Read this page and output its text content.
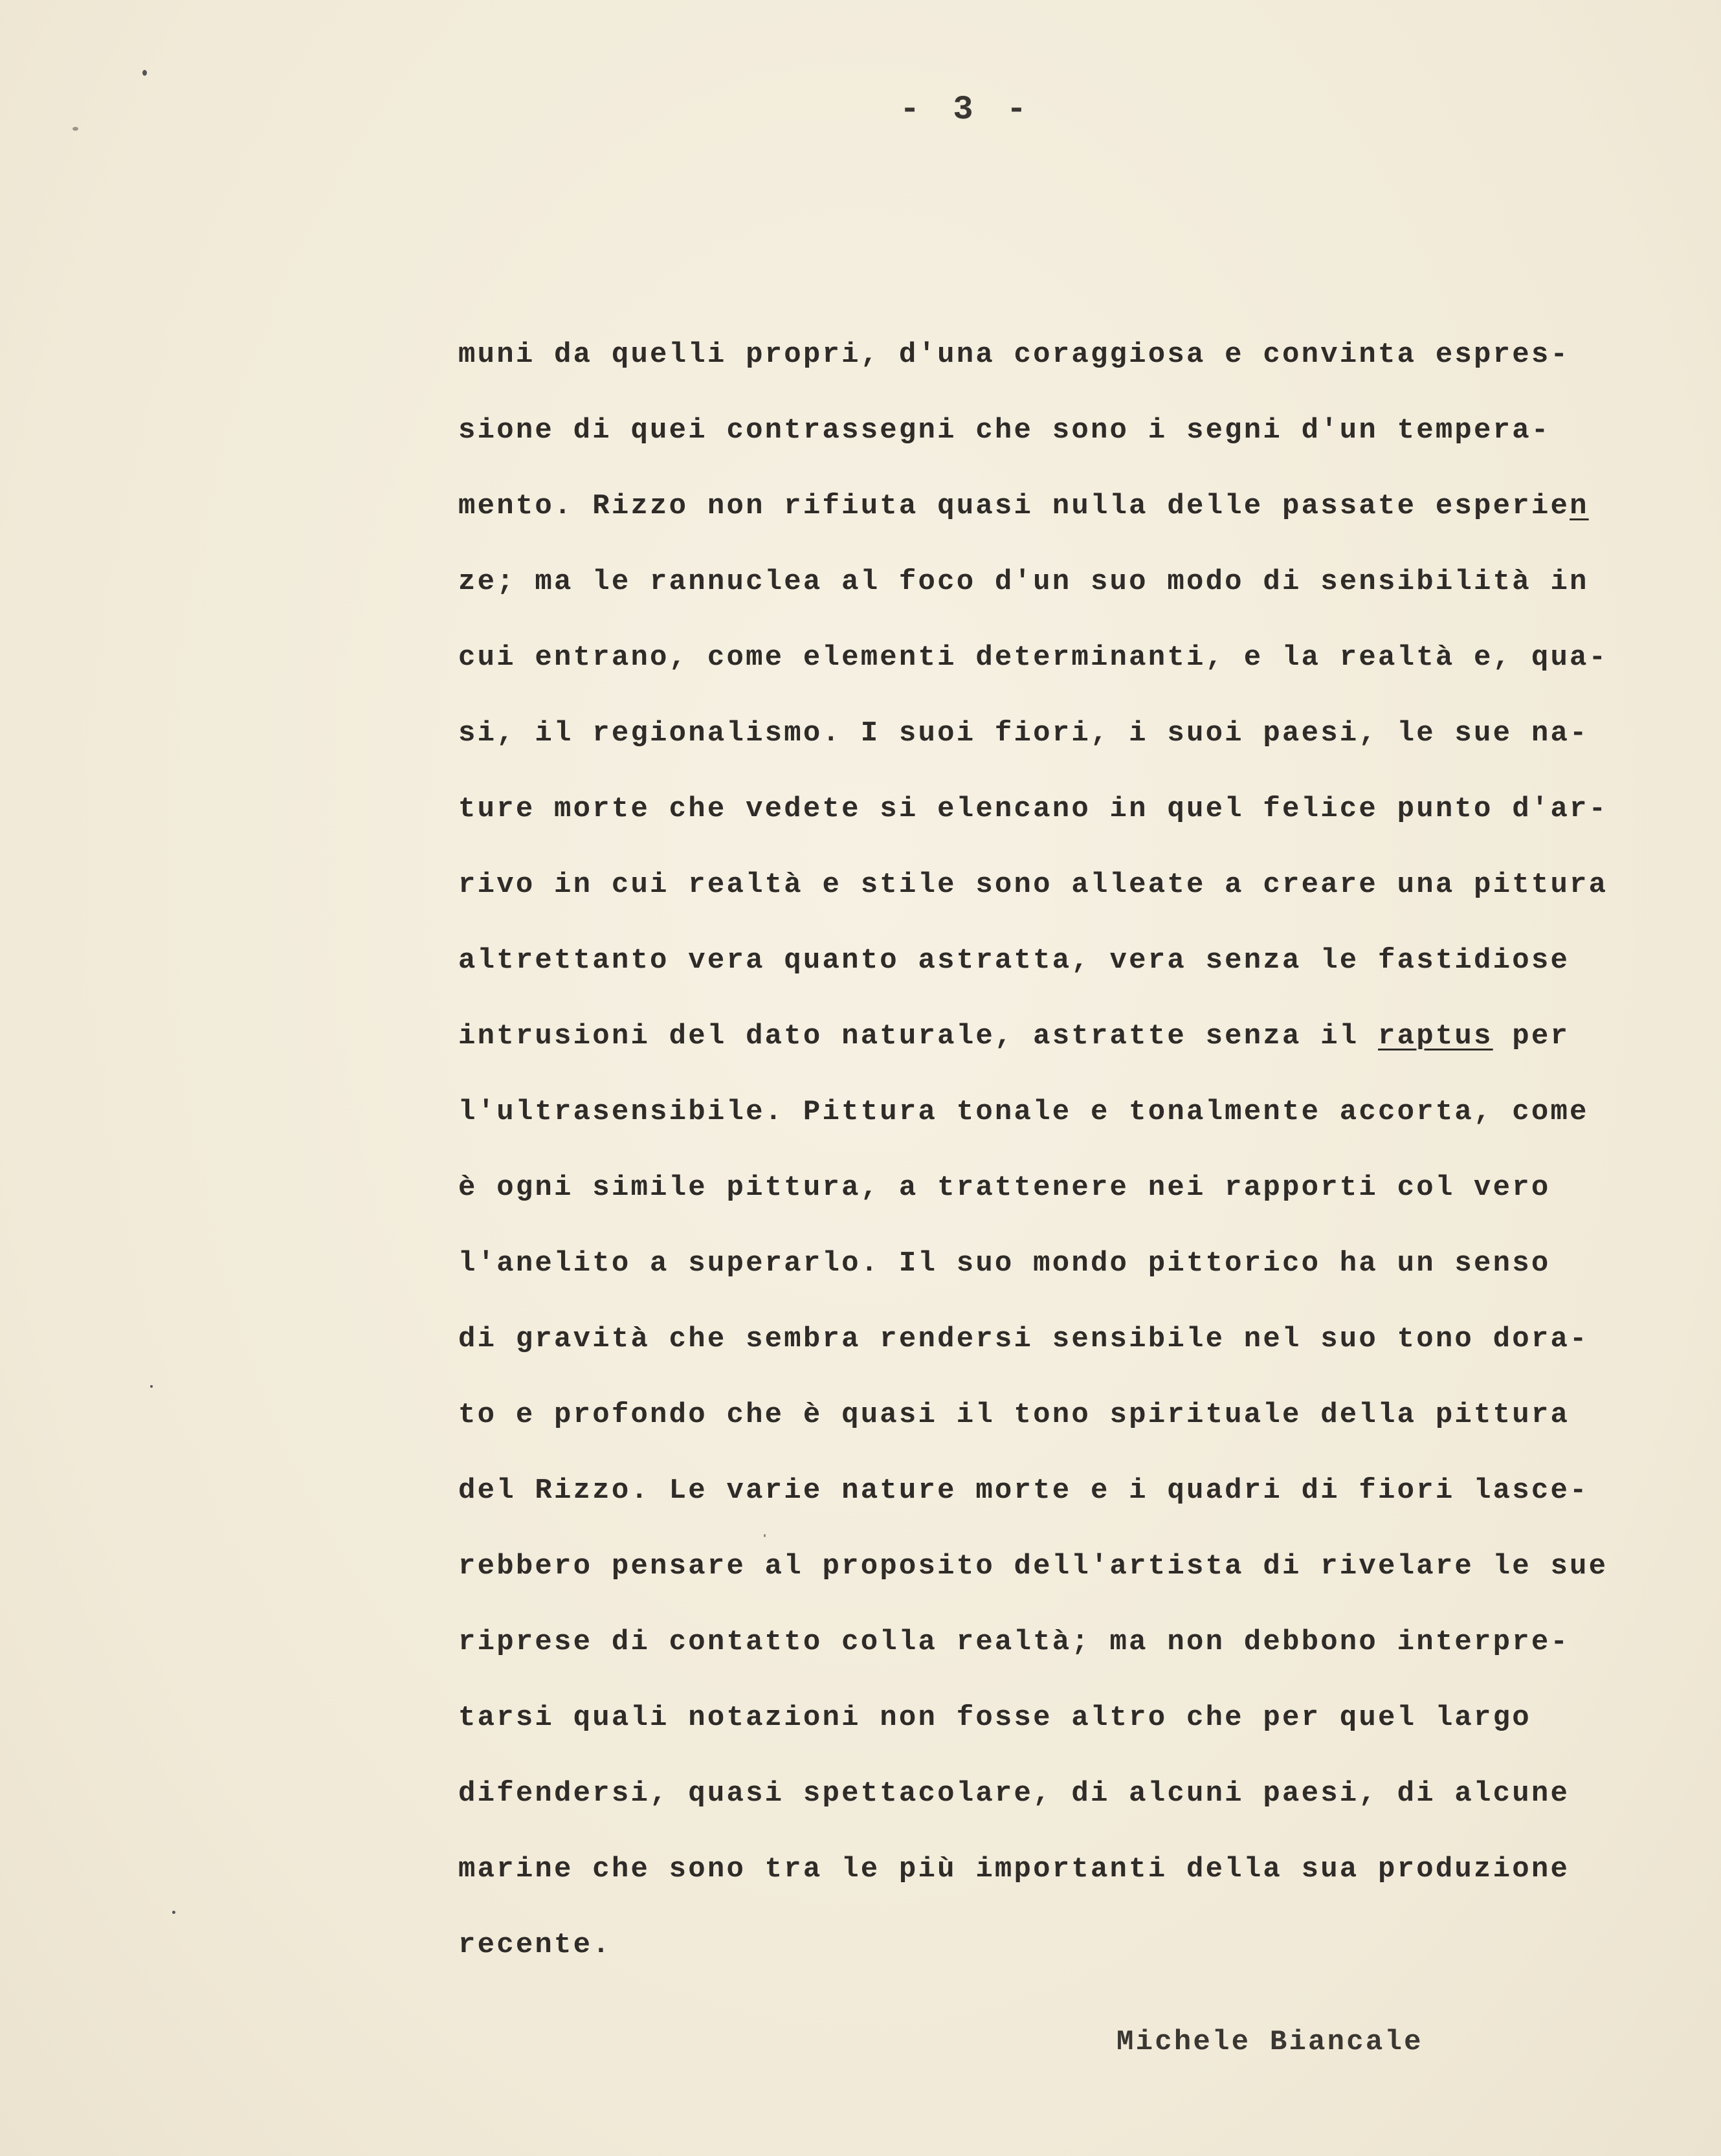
- 3 -
muni da quelli propri, d'una coraggiosa e convinta espres-
sione di quei contrassegni che sono i segni d'un tempera-
mento. Rizzo non rifiuta quasi nulla delle passate esperien
ze; ma le rannuclea al foco d'un suo modo di sensibilità in
cui entrano, come elementi determinanti, e la realtà e, qua-
si, il regionalismo. I suoi fiori, i suoi paesi, le sue na-
ture morte che vedete si elencano in quel felice punto d'ar-
rivo in cui realtà e stile sono alleate a creare una pittura
altrettanto vera quanto astratta, vera senza le fastidiose
intrusioni del dato naturale, astratte senza il raptus per
l'ultrasensibile. Pittura tonale e tonalmente accorta, come
è ogni simile pittura, a trattenere nei rapporti col vero
l'anelito a superarlo. Il suo mondo pittorico ha un senso
di gravità che sembra rendersi sensibile nel suo tono dora-
to e profondo che è quasi il tono spirituale della pittura
del Rizzo. Le varie nature morte e i quadri di fiori lasce-
rebbero pensare al proposito dell'artista di rivelare le sue
riprese di contatto colla realtà; ma non debbono interpre-
tarsi quali notazioni non fosse altro che per quel largo
difendersi, quasi spettacolare, di alcuni paesi, di alcune
marine che sono tra le più importanti della sua produzione
recente.
Michele Biancale
